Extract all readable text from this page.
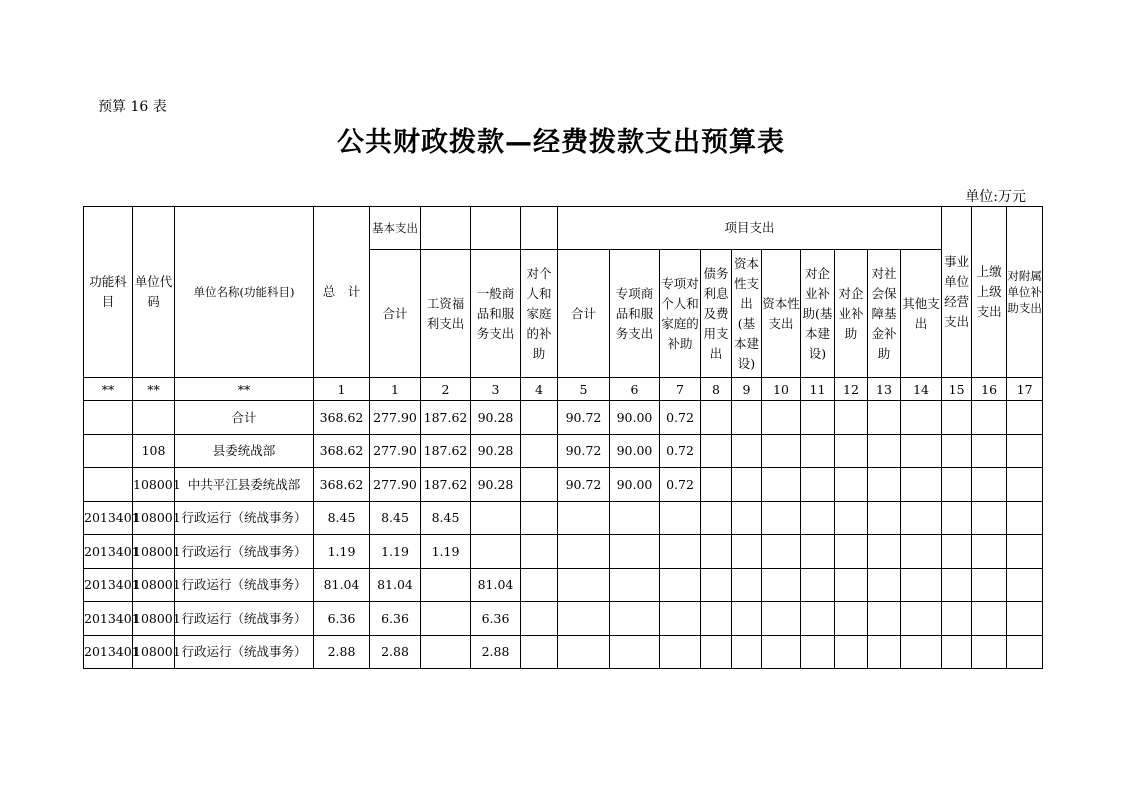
预算 16 表
公共财政拨款—经费拨款支出预算表
单位:万元
功能科目	单位代码	单位名称(功能科目)	总　计	基本支出				项目支出										事业单位经营支出	上缴上级支出	对附属单位补助支出
				合计	工资福利支出	一般商品和服务支出	对个人和家庭的补助	合计	专项商品和服务支出	专项对个人和家庭的补助	债务利息及费用支出	资本性支出(基本建设)	资本性支出	对企业补助(基本建设)	对企业补助	对社会保障基金补助	其他支出			
**	**	**	1	1	2	3	4	5	6	7	8	9	10	11	12	13	14	15	16	17
		合计	368.62	277.90	187.62	90.28		90.72	90.00	0.72										
	108	县委统战部	368.62	277.90	187.62	90.28		90.72	90.00	0.72										
	108001	中共平江县委统战部	368.62	277.90	187.62	90.28		90.72	90.00	0.72										
2013401	108001	行政运行（统战事务）	8.45	8.45	8.45															
2013401	108001	行政运行（统战事务）	1.19	1.19	1.19															
2013401	108001	行政运行（统战事务）	81.04	81.04		81.04														
2013401	108001	行政运行（统战事务）	6.36	6.36		6.36														
2013401	108001	行政运行（统战事务）	2.88	2.88		2.88														
